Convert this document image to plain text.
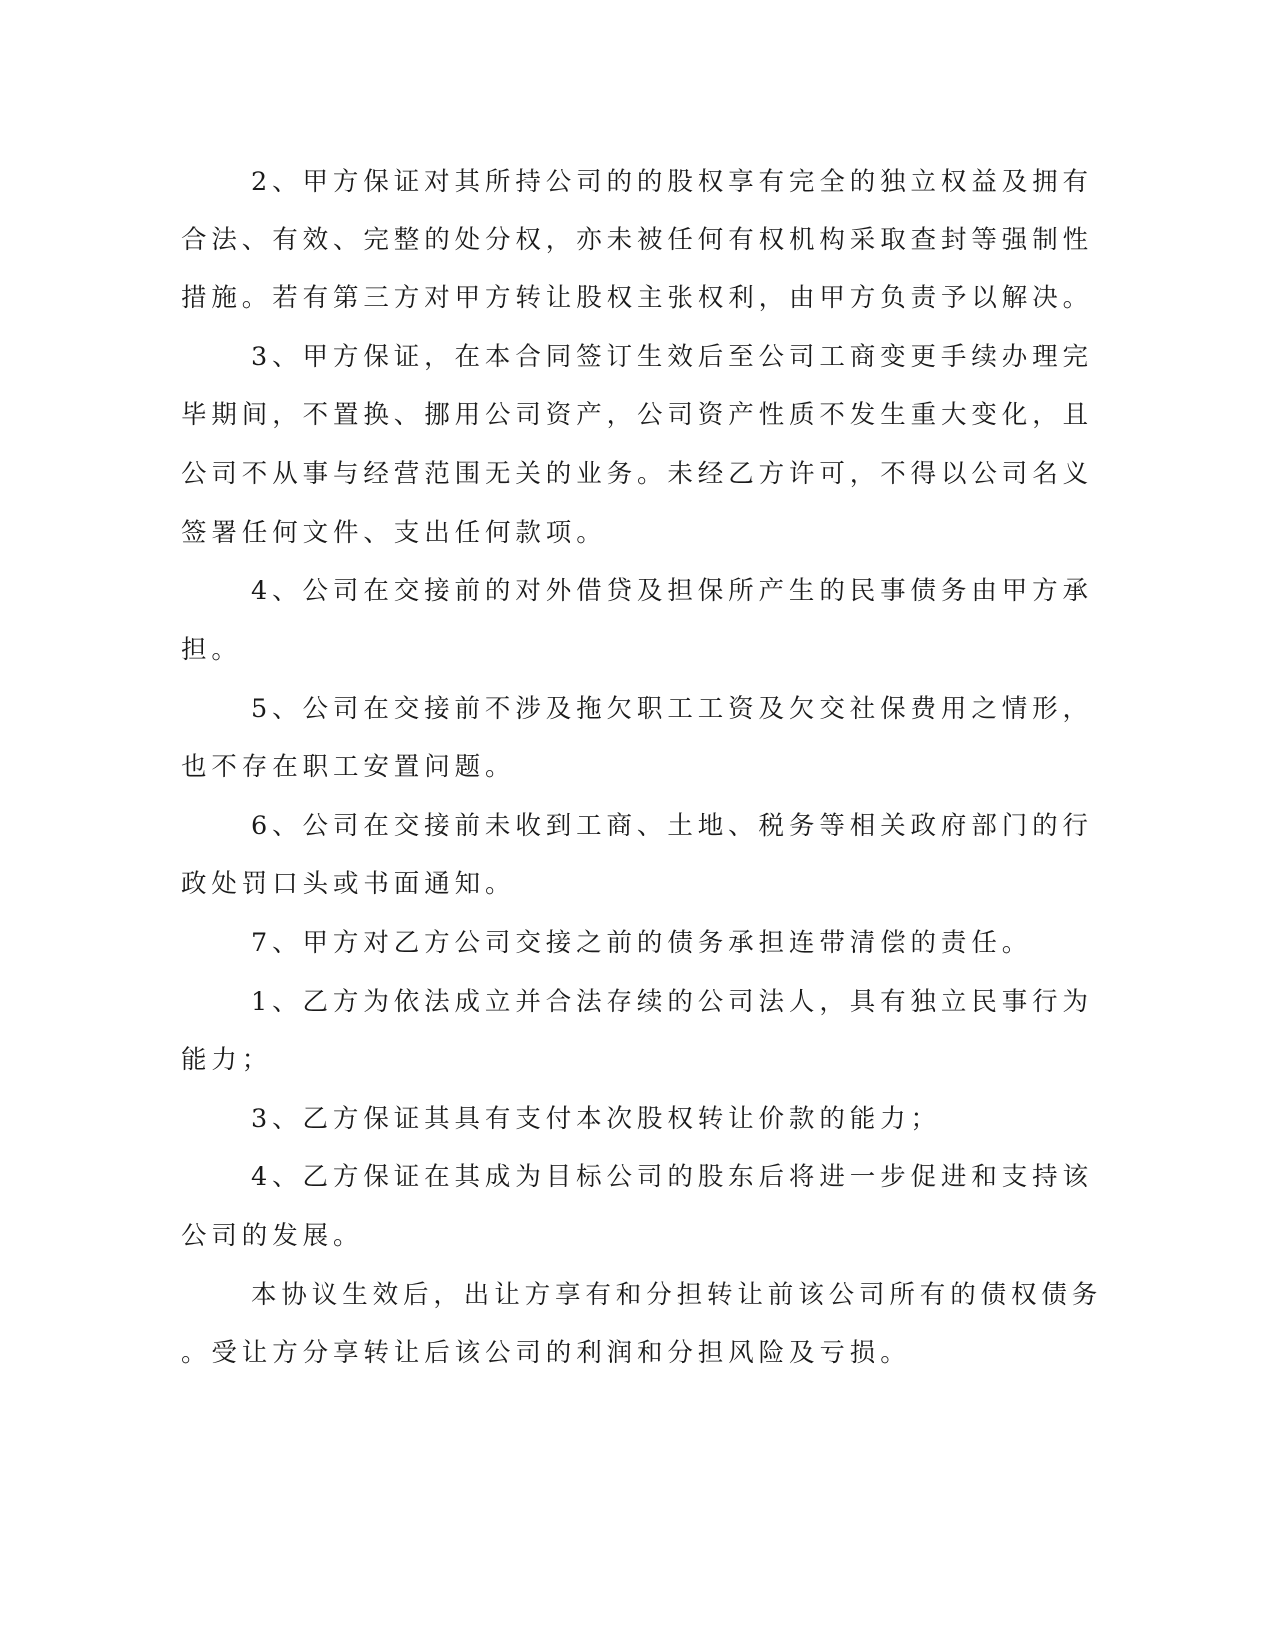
2、甲方保证对其所持公司的的股权享有完全的独立权益及拥有
合法、有效、完整的处分权，亦未被任何有权机构采取查封等强制性
措施。若有第三方对甲方转让股权主张权利，由甲方负责予以解决。
3、甲方保证，在本合同签订生效后至公司工商变更手续办理完
毕期间，不置换、挪用公司资产，公司资产性质不发生重大变化，且
公司不从事与经营范围无关的业务。未经乙方许可，不得以公司名义
签署任何文件、支出任何款项。
4、公司在交接前的对外借贷及担保所产生的民事债务由甲方承
担。
5、公司在交接前不涉及拖欠职工工资及欠交社保费用之情形，
也不存在职工安置问题。
6、公司在交接前未收到工商、土地、税务等相关政府部门的行
政处罚口头或书面通知。
7、甲方对乙方公司交接之前的债务承担连带清偿的责任。
1、乙方为依法成立并合法存续的公司法人，具有独立民事行为
能力；
3、乙方保证其具有支付本次股权转让价款的能力；
4、乙方保证在其成为目标公司的股东后将进一步促进和支持该
公司的发展。
本协议生效后，出让方享有和分担转让前该公司所有的债权债务
。受让方分享转让后该公司的利润和分担风险及亏损。
